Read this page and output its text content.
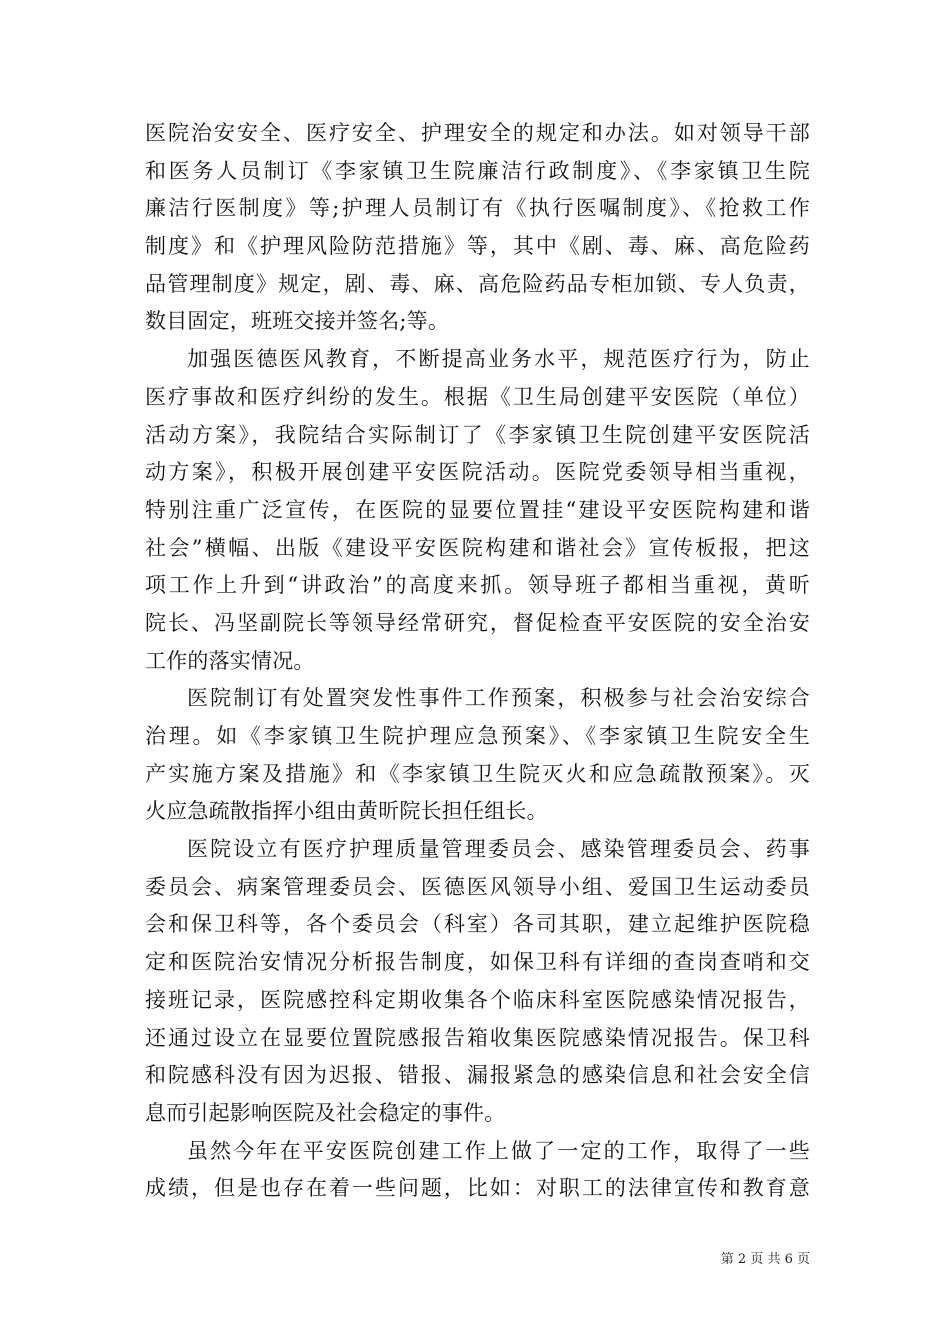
医院治安安全、医疗安全、护理安全的规定和办法。如对领导干部
和医务人员制订《李家镇卫生院廉洁行政制度》、《李家镇卫生院
廉洁行医制度》等;护理人员制订有《执行医嘱制度》、《抢救工作
制度》和《护理风险防范措施》等，其中《剧、毒、麻、高危险药
品管理制度》规定，剧、毒、麻、高危险药品专柜加锁、专人负责，
数目固定，班班交接并签名;等。
加强医德医风教育，不断提高业务水平，规范医疗行为，防止
医疗事故和医疗纠纷的发生。根据《卫生局创建平安医院（单位）
活动方案》，我院结合实际制订了《李家镇卫生院创建平安医院活
动方案》，积极开展创建平安医院活动。医院党委领导相当重视，
特别注重广泛宣传，在医院的显要位置挂“建设平安医院构建和谐
社会”横幅、出版《建设平安医院构建和谐社会》宣传板报，把这
项工作上升到“讲政治”的高度来抓。领导班子都相当重视，黄昕
院长、冯坚副院长等领导经常研究，督促检查平安医院的安全治安
工作的落实情况。
医院制订有处置突发性事件工作预案，积极参与社会治安综合
治理。如《李家镇卫生院护理应急预案》、《李家镇卫生院安全生
产实施方案及措施》和《李家镇卫生院灭火和应急疏散预案》。灭
火应急疏散指挥小组由黄昕院长担任组长。
医院设立有医疗护理质量管理委员会、感染管理委员会、药事
委员会、病案管理委员会、医德医风领导小组、爱国卫生运动委员
会和保卫科等，各个委员会（科室）各司其职，建立起维护医院稳
定和医院治安情况分析报告制度，如保卫科有详细的查岗查哨和交
接班记录，医院感控科定期收集各个临床科室医院感染情况报告，
还通过设立在显要位置院感报告箱收集医院感染情况报告。保卫科
和院感科没有因为迟报、错报、漏报紧急的感染信息和社会安全信
息而引起影响医院及社会稳定的事件。
虽然今年在平安医院创建工作上做了一定的工作，取得了一些
成绩，但是也存在着一些问题，比如：对职工的法律宣传和教育意
第 2 页 共 6 页
